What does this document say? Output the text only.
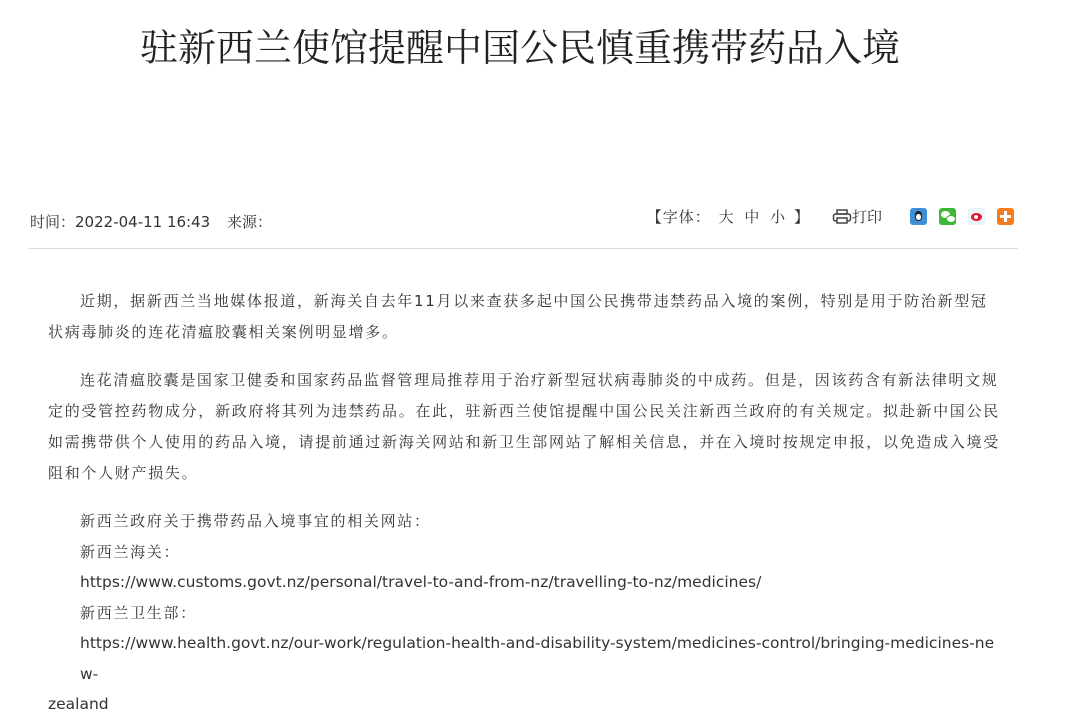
驻新西兰使馆提醒中国公民慎重携带药品入境
时间：2022-04-11 16:43 来源：	【字体： 大 中 小 】	打印

近期，据新西兰当地媒体报道，新海关自去年11月以来查获多起中国公民携带违禁药品入境的案例，特别是用于防治新型冠状病毒肺炎的连花清瘟胶囊相关案例明显增多。

连花清瘟胶囊是国家卫健委和国家药品监督管理局推荐用于治疗新型冠状病毒肺炎的中成药。但是，因该药含有新法律明文规定的受管控药物成分，新政府将其列为违禁药品。在此，驻新西兰使馆提醒中国公民关注新西兰政府的有关规定。拟赴新中国公民如需携带供个人使用的药品入境，请提前通过新海关网站和新卫生部网站了解相关信息，并在入境时按规定申报，以免造成入境受阻和个人财产损失。

新西兰政府关于携带药品入境事宜的相关网站：
新西兰海关：
https://www.customs.govt.nz/personal/travel-to-and-from-nz/travelling-to-nz/medicines/
新西兰卫生部：
https://www.health.govt.nz/our-work/regulation-health-and-disability-system/medicines-control/bringing-medicines-new-
zealand
